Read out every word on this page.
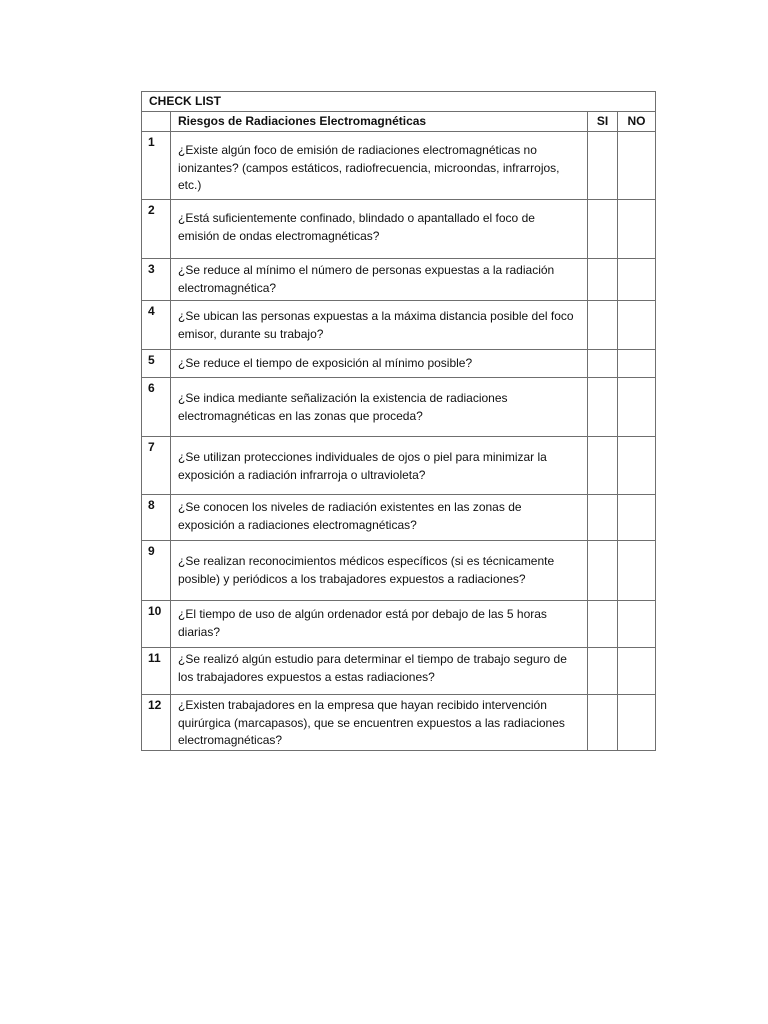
CHECK LIST			
	Riesgos de Radiaciones Electromagnéticas	SI	NO
1	¿Existe algún foco de emisión de radiaciones electromagnéticas no ionizantes? (campos estáticos, radiofrecuencia, microondas, infrarrojos, etc.)		

2	¿Está suficientemente confinado, blindado o apantallado el foco de emisión de ondas electromagnéticas?		

3	¿Se reduce al mínimo el número de personas expuestas a la radiación electromagnética?		

4	¿Se ubican las personas expuestas a la máxima distancia posible del foco emisor, durante su trabajo?		

5	¿Se reduce el tiempo de exposición al mínimo posible?		

6	¿Se indica mediante señalización la existencia de radiaciones electromagnéticas en las zonas que proceda?		

7	¿Se utilizan protecciones individuales de ojos o piel para minimizar la exposición a radiación infrarroja o ultravioleta?		

8	¿Se conocen los niveles de radiación existentes en las zonas de exposición a radiaciones electromagnéticas?		

9	¿Se realizan reconocimientos médicos específicos (si es técnicamente posible) y periódicos a los trabajadores expuestos a radiaciones?		

10	¿El tiempo de uso de algún ordenador está por debajo de las 5 horas diarias?		

11	¿Se realizó algún estudio para determinar el tiempo de trabajo seguro de los trabajadores expuestos a estas radiaciones?		

12	¿Existen trabajadores en la empresa que hayan recibido intervención quirúrgica (marcapasos), que se encuentren expuestos a las radiaciones electromagnéticas?		
